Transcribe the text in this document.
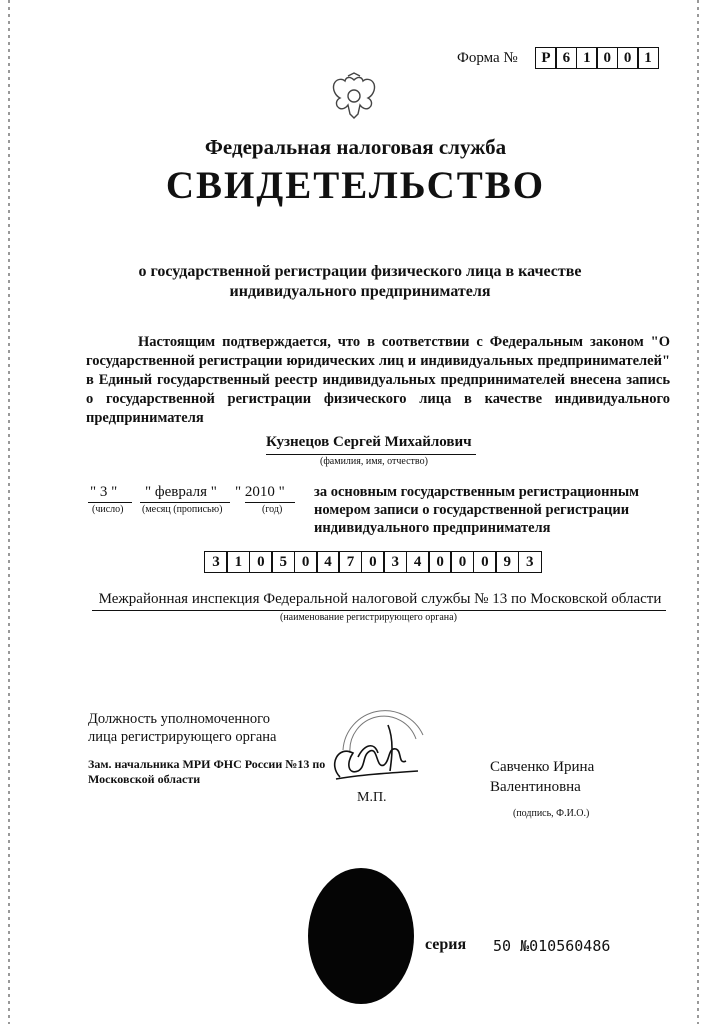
Форма №	Р 6 1 0 0 1
Федеральная налоговая служба
СВИДЕТЕЛЬСТВО
о государственной регистрации физического лица в качестве индивидуального предпринимателя
Настоящим подтверждается, что в соответствии с Федеральным законом "О государственной регистрации юридических лиц и индивидуальных предпринимателей" в Единый государственный реестр индивидуальных предпринимателей внесена запись о государственной регистрации физического лица в качестве индивидуального предпринимателя
Кузнецов Сергей Михайлович
(фамилия, имя, отчество)
" 3 " " февраля " " 2010 "
(число) (месяц (прописью)	(год)
за основным государственным регистрационным номером записи о государственной регистрации индивидуального предпринимателя
3 1 0 5 0 4 7 0 3 4 0 0 0 9 3
Межрайонная инспекция Федеральной налоговой службы № 13 по Московской области
(наименование регистрирующего органа)
Должность уполномоченного лица регистрирующего органа
Зам. начальника МРИ ФНС России №13 по Московской области
М.П.
Савченко Ирина Валентиновна
(подпись, Ф.И.О.)
серия 50 №010560486
